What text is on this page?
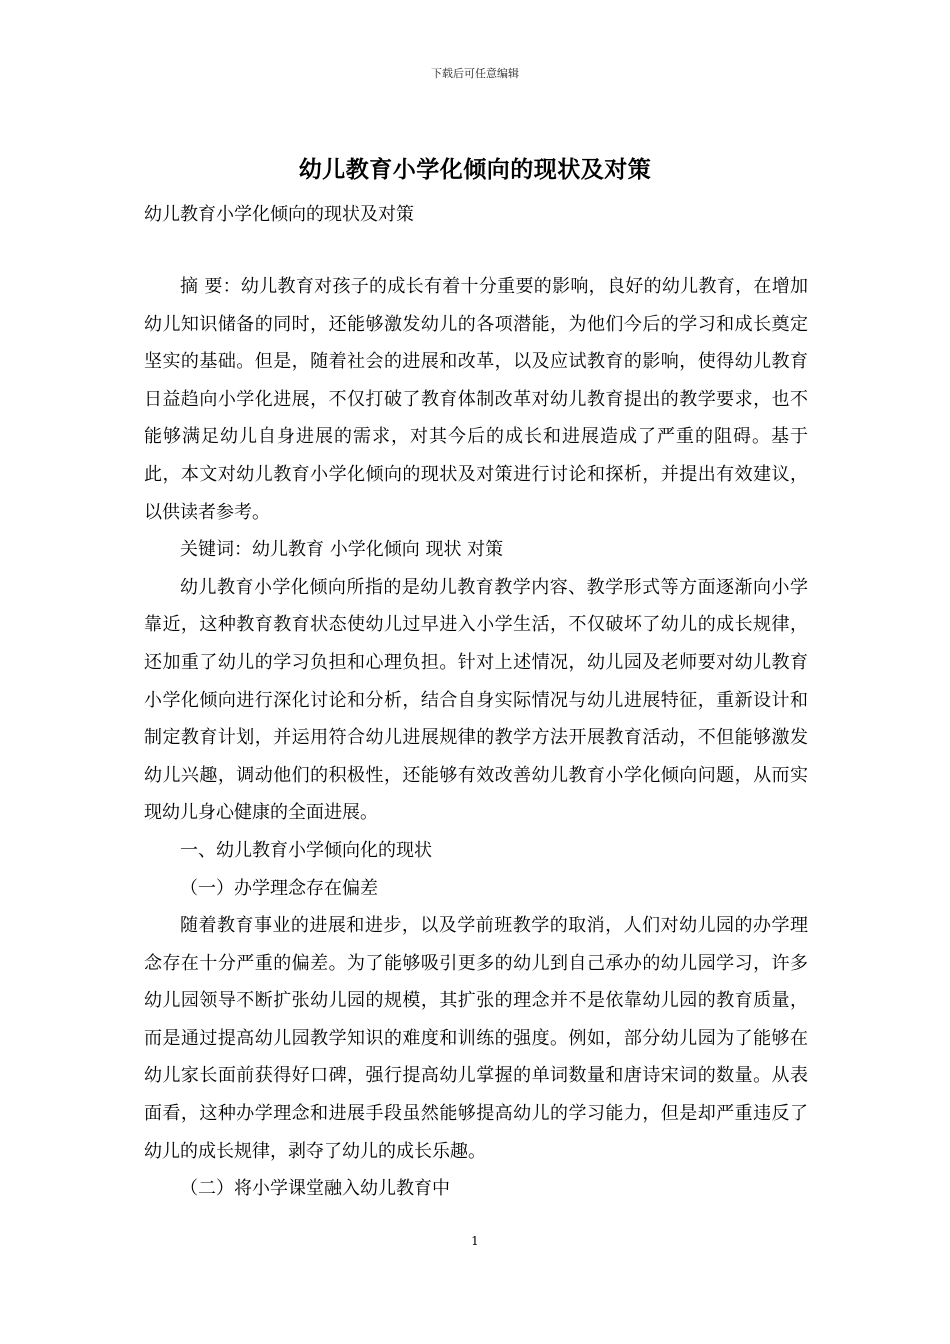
下载后可任意编辑
幼儿教育小学化倾向的现状及对策
幼儿教育小学化倾向的现状及对策

摘 要：幼儿教育对孩子的成长有着十分重要的影响，良好的幼儿教育，在增加幼儿知识储备的同时，还能够激发幼儿的各项潜能，为他们今后的学习和成长奠定坚实的基础。但是，随着社会的进展和改革，以及应试教育的影响，使得幼儿教育日益趋向小学化进展，不仅打破了教育体制改革对幼儿教育提出的教学要求，也不能够满足幼儿自身进展的需求，对其今后的成长和进展造成了严重的阻碍。基于此，本文对幼儿教育小学化倾向的现状及对策进行讨论和探析，并提出有效建议，以供读者参考。

关键词：幼儿教育 小学化倾向 现状 对策

幼儿教育小学化倾向所指的是幼儿教育教学内容、教学形式等方面逐渐向小学靠近，这种教育教育状态使幼儿过早进入小学生活，不仅破坏了幼儿的成长规律，还加重了幼儿的学习负担和心理负担。针对上述情况，幼儿园及老师要对幼儿教育小学化倾向进行深化讨论和分析，结合自身实际情况与幼儿进展特征，重新设计和制定教育计划，并运用符合幼儿进展规律的教学方法开展教育活动，不但能够激发幼儿兴趣，调动他们的积极性，还能够有效改善幼儿教育小学化倾向问题，从而实现幼儿身心健康的全面进展。

一、幼儿教育小学倾向化的现状

（一）办学理念存在偏差

随着教育事业的进展和进步，以及学前班教学的取消，人们对幼儿园的办学理念存在十分严重的偏差。为了能够吸引更多的幼儿到自己承办的幼儿园学习，许多幼儿园领导不断扩张幼儿园的规模，其扩张的理念并不是依靠幼儿园的教育质量，而是通过提高幼儿园教学知识的难度和训练的强度。例如，部分幼儿园为了能够在幼儿家长面前获得好口碑，强行提高幼儿掌握的单词数量和唐诗宋词的数量。从表面看，这种办学理念和进展手段虽然能够提高幼儿的学习能力，但是却严重违反了幼儿的成长规律，剥夺了幼儿的成长乐趣。

（二）将小学课堂融入幼儿教育中

1
